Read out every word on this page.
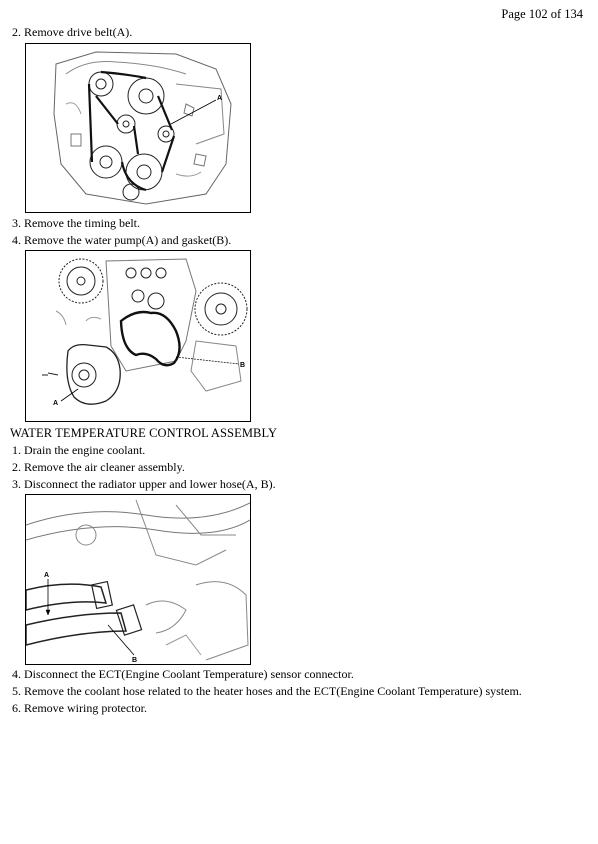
Page 102 of 134
2. Remove drive belt(A).
A
3. Remove the timing belt.
4. Remove the water pump(A) and gasket(B).
B
A
WATER TEMPERATURE CONTROL ASSEMBLY
1. Drain the engine coolant.
2. Remove the air cleaner assembly.
3. Disconnect the radiator upper and lower hose(A, B).
A
B
4. Disconnect the ECT(Engine Coolant Temperature) sensor connector.
5. Remove the coolant hose related to the heater hoses and the ECT(Engine Coolant Temperature) system.
6. Remove wiring protector.
